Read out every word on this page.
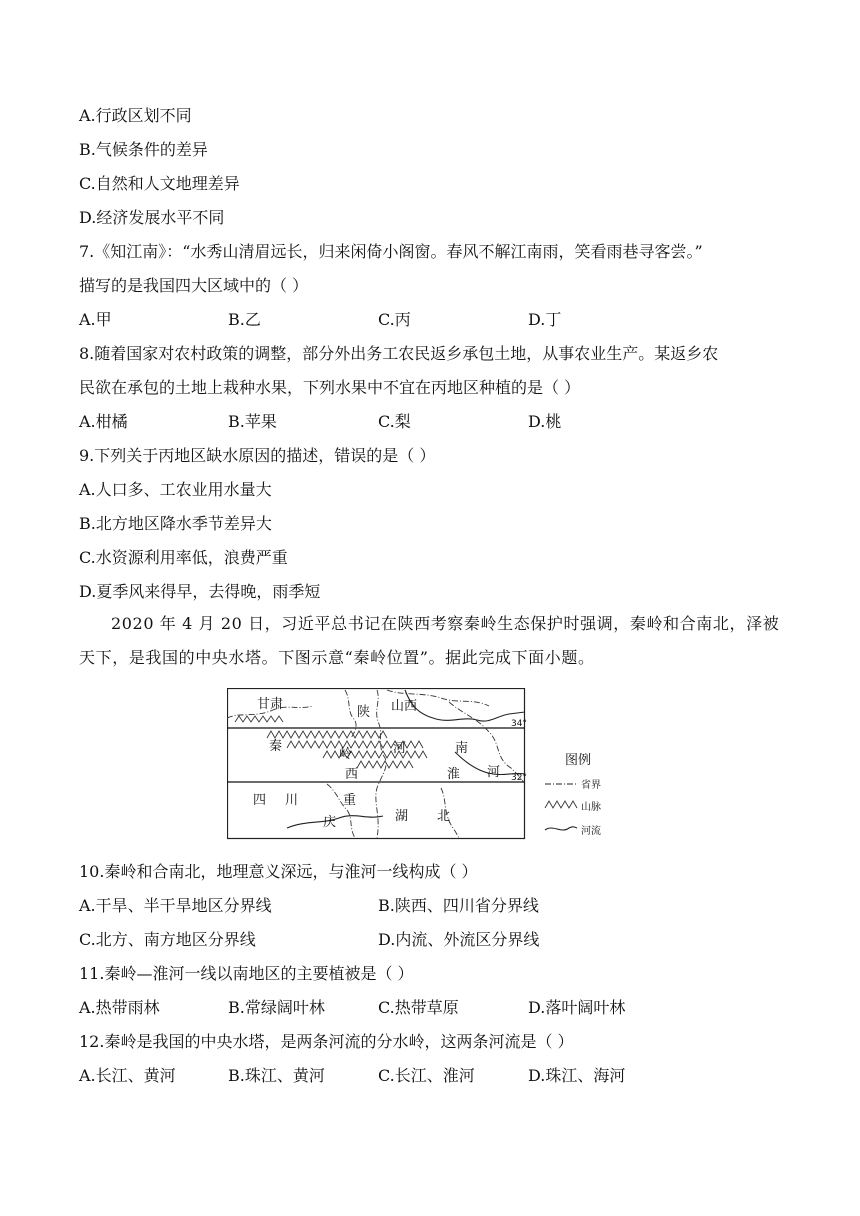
A.行政区划不同
B.气候条件的差异
C.自然和人文地理差异
D.经济发展水平不同
7.《知江南》：“水秀山清眉远长，归来闲倚小阁窗。春风不解江南雨，笑看雨巷寻客尝。”
描写的是我国四大区域中的（ ）
A.甲	B.乙	C.丙	D.丁
8.随着国家对农村政策的调整，部分外出务工农民返乡承包土地，从事农业生产。某返乡农
民欲在承包的土地上栽种水果，下列水果中不宜在丙地区种植的是（ ）
A.柑橘	B.苹果	C.梨	D.桃
9.下列关于丙地区缺水原因的描述，错误的是（ ）
A.人口多、工农业用水量大
B.北方地区降水季节差异大
C.水资源利用率低，浪费严重
D.夏季风来得早，去得晚，雨季短
2020 年 4 月 20 日，习近平总书记在陕西考察秦岭生态保护时强调，秦岭和合南北，泽被
天下，是我国的中央水塔。下图示意“秦岭位置”。据此完成下面小题。
甘肃
陕 山西
秦
岭	河	南
西	淮 河
四 川	重
庆	湖 北
34°
32°
图例
省界
山脉
河流
10.秦岭和合南北，地理意义深远，与淮河一线构成（ ）
A.干旱、半干旱地区分界线	B.陕西、四川省分界线
C.北方、南方地区分界线	D.内流、外流区分界线
11.秦岭—淮河一线以南地区的主要植被是（ ）
A.热带雨林	B.常绿阔叶林	C.热带草原	D.落叶阔叶林
12.秦岭是我国的中央水塔，是两条河流的分水岭，这两条河流是（ ）
A.长江、黄河	B.珠江、黄河	C.长江、淮河	D.珠江、海河
